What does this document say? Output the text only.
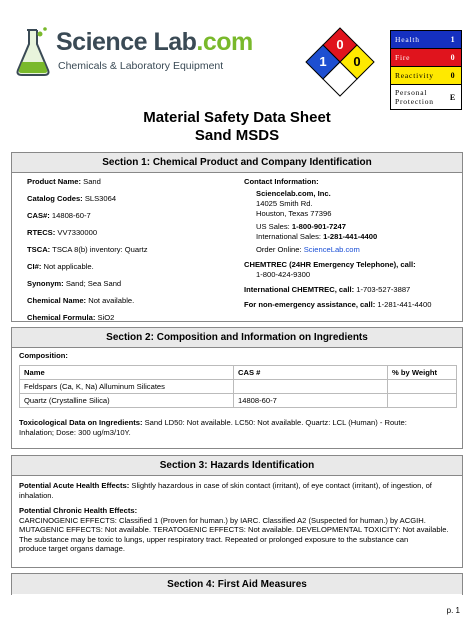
Science Lab.com
Chemicals & Laboratory Equipment
0
1	0
Health	1
Fire	0
Reactivity	0
Personal
Protection	E
Material Safety Data Sheet
Sand MSDS
Section 1: Chemical Product and Company Identification
Product Name: Sand
Catalog Codes: SLS3064
CAS#: 14808-60-7
RTECS: VV7330000
TSCA: TSCA 8(b) inventory: Quartz
CI#: Not applicable.
Synonym: Sand; Sea Sand
Chemical Name: Not available.
Chemical Formula: SiO2
Contact Information:
Sciencelab.com, Inc.
14025 Smith Rd.
Houston, Texas 77396
US Sales: 1-800-901-7247
International Sales: 1-281-441-4400
Order Online: ScienceLab.com
CHEMTREC (24HR Emergency Telephone), call:
1-800-424-9300
International CHEMTREC, call: 1-703-527-3887
For non-emergency assistance, call: 1-281-441-4400
Section 2: Composition and Information on Ingredients
Composition:
Name	CAS #	% by Weight
Feldspars (Ca, K, Na) Alluminum Silicates		
Quartz (Crystalline Silica)	14808-60-7	
Toxicological Data on Ingredients: Sand LD50: Not available. LC50: Not available. Quartz: LCL (Human) - Route:
Inhalation; Dose: 300 ug/m3/10Y.
Section 3: Hazards Identification
Potential Acute Health Effects: Slightly hazardous in case of skin contact (irritant), of eye contact (irritant), of ingestion, of
inhalation.
Potential Chronic Health Effects:
CARCINOGENIC EFFECTS: Classified 1 (Proven for human.) by IARC. Classified A2 (Suspected for human.) by ACGIH.
MUTAGENIC EFFECTS: Not available. TERATOGENIC EFFECTS: Not available. DEVELOPMENTAL TOXICITY: Not available.
The substance may be toxic to lungs, upper respiratory tract. Repeated or prolonged exposure to the substance can
produce target organs damage.
Section 4: First Aid Measures
p. 1
